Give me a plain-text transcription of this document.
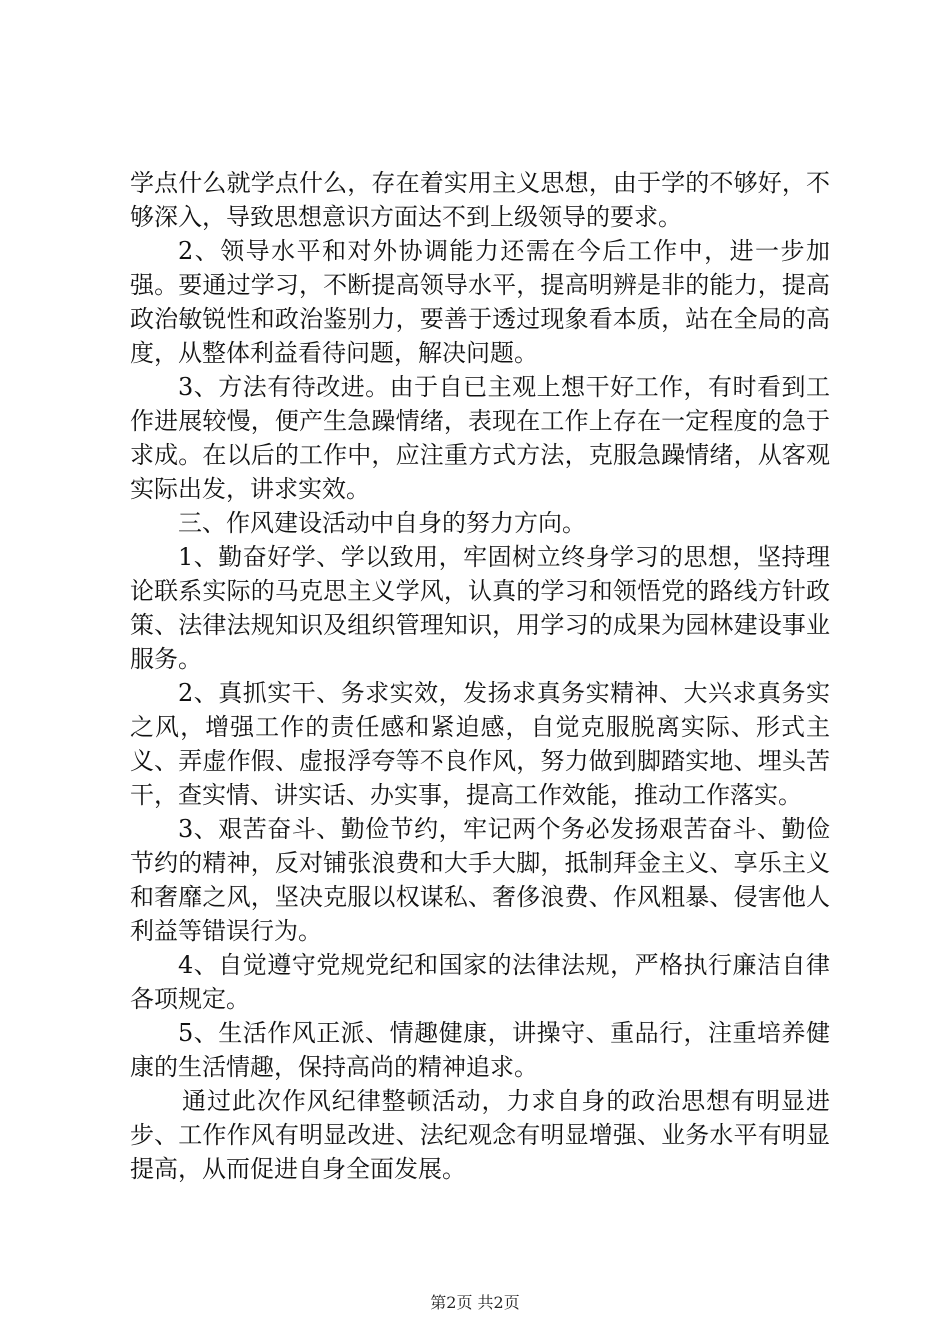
学点什么就学点什么，存在着实用主义思想，由于学的不够好，不够深入，导致思想意识方面达不到上级领导的要求。

2、领导水平和对外协调能力还需在今后工作中，进一步加强。要通过学习，不断提高领导水平，提高明辨是非的能力，提高政治敏锐性和政治鉴别力，要善于透过现象看本质，站在全局的高度，从整体利益看待问题，解决问题。

3、方法有待改进。由于自已主观上想干好工作，有时看到工作进展较慢，便产生急躁情绪，表现在工作上存在一定程度的急于求成。在以后的工作中，应注重方式方法，克服急躁情绪，从客观实际出发，讲求实效。

三、作风建设活动中自身的努力方向。

1、勤奋好学、学以致用，牢固树立终身学习的思想，坚持理论联系实际的马克思主义学风，认真的学习和领悟党的路线方针政策、法律法规知识及组织管理知识，用学习的成果为园林建设事业服务。

2、真抓实干、务求实效，发扬求真务实精神、大兴求真务实之风，增强工作的责任感和紧迫感，自觉克服脱离实际、形式主义、弄虚作假、虚报浮夸等不良作风，努力做到脚踏实地、埋头苦干，查实情、讲实话、办实事，提高工作效能，推动工作落实。

3、艰苦奋斗、勤俭节约，牢记两个务必发扬艰苦奋斗、勤俭节约的精神，反对铺张浪费和大手大脚，抵制拜金主义、享乐主义和奢靡之风，坚决克服以权谋私、奢侈浪费、作风粗暴、侵害他人利益等错误行为。

4、自觉遵守党规党纪和国家的法律法规，严格执行廉洁自律各项规定。

5、生活作风正派、情趣健康，讲操守、重品行，注重培养健康的生活情趣，保持高尚的精神追求。

通过此次作风纪律整顿活动，力求自身的政治思想有明显进步、工作作风有明显改进、法纪观念有明显增强、业务水平有明显提高，从而促进自身全面发展。

第2页 共2页
